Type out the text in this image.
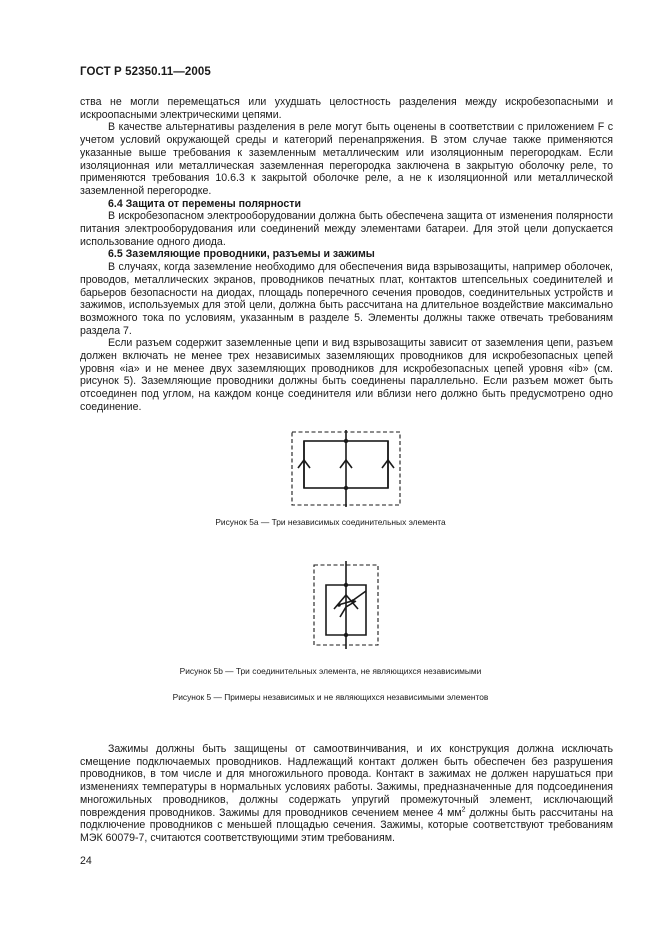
ГОСТ Р 52350.11—2005

ства не могли перемещаться или ухудшать целостность разделения между искробезопасными и искроопасными электрическими цепями.

В качестве альтернативы разделения в реле могут быть оценены в соответствии с приложением F с учетом условий окружающей среды и категорий перенапряжения. В этом случае также применяются указанные выше требования к заземленным металлическим или изоляционным перегородкам. Если изоляционная или металлическая заземленная перегородка заключена в закрытую оболочку реле, то применяются требования 10.6.3 к закрытой оболочке реле, а не к изоляционной или металлической заземленной перегородке.

6.4 Защита от перемены полярности

В искробезопасном электрооборудовании должна быть обеспечена защита от изменения полярности питания электрооборудования или соединений между элементами батареи. Для этой цели допускается использование одного диода.

6.5 Заземляющие проводники, разъемы и зажимы

В случаях, когда заземление необходимо для обеспечения вида взрывозащиты, например оболочек, проводов, металлических экранов, проводников печатных плат, контактов штепсельных соединителей и барьеров безопасности на диодах, площадь поперечного сечения проводов, соединительных устройств и зажимов, используемых для этой цели, должна быть рассчитана на длительное воздействие максимально возможного тока по условиям, указанным в разделе 5. Элементы должны также отвечать требованиям раздела 7.

Если разъем содержит заземленные цепи и вид взрывозащиты зависит от заземления цепи, разъем должен включать не менее трех независимых заземляющих проводников для искробезопасных цепей уровня «ia» и не менее двух заземляющих проводников для искробезопасных цепей уровня «ib» (см. рисунок 5). Заземляющие проводники должны быть соединены параллельно. Если разъем может быть отсоединен под углом, на каждом конце соединителя или вблизи него должно быть предусмотрено одно соединение.

Рисунок 5а — Три независимых соединительных элемента
Рисунок 5b — Три соединительных элемента, не являющихся независимыми
Рисунок 5 — Примеры независимых и не являющихся независимыми элементов

Зажимы должны быть защищены от самоотвинчивания, и их конструкция должна исключать смещение подключаемых проводников. Надлежащий контакт должен быть обеспечен без разрушения проводников, в том числе и для многожильного провода. Контакт в зажимах не должен нарушаться при изменениях температуры в нормальных условиях работы. Зажимы, предназначенные для подсоединения многожильных проводников, должны содержать упругий промежуточный элемент, исключающий повреждения проводников. Зажимы для проводников сечением менее 4 $мм^2$ должны быть рассчитаны на подключение проводников с меньшей площадью сечения. Зажимы, которые соответствуют требованиям МЭК 60079-7, считаются соответствующими этим требованиям.

24
